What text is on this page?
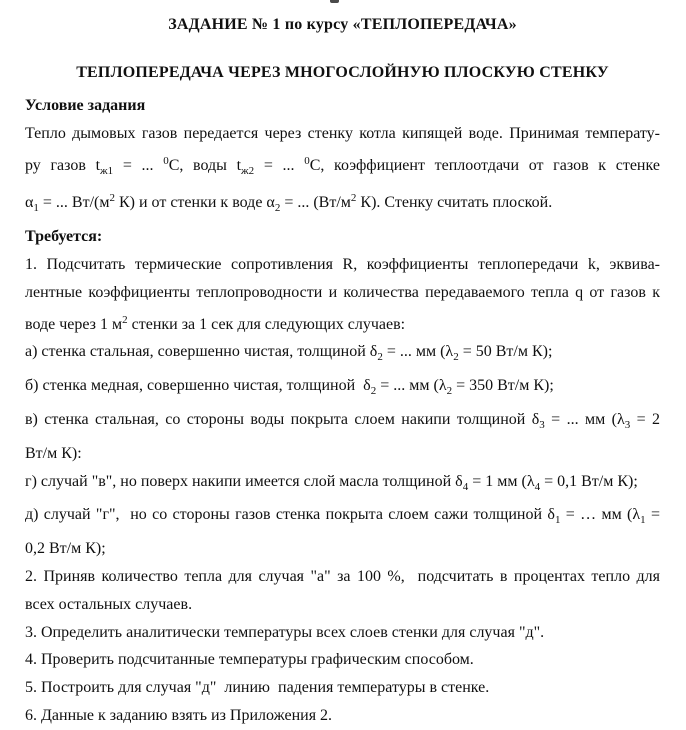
ЗАДАНИЕ № 1 по курсу «ТЕПЛОПЕРЕДАЧА»
ТЕПЛОПЕРЕДАЧА ЧЕРЕЗ МНОГОСЛОЙНУЮ ПЛОСКУЮ СТЕНКУ
Условие задания
Тепло дымовых газов передается через стенку котла кипящей воде. Принимая температу-
ру газов $t_{ж1}$ = ... $^0$С, воды $t_{ж2}$ = ... $^0$С, коэффициент теплоотдачи от газов к стенке
$\alpha_1$ = ... $Вт/(м^2$ К) и от стенки к воде $\alpha_2$ = ... ($Вт/м^2$ К). Стенку считать плоской.
Требуется:
1. Подсчитать термические сопротивления R, коэффициенты теплопередачи k, эквива-
лентные коэффициенты теплопроводности и количества передаваемого тепла q от газов к
воде через 1 $м^2$ стенки за 1 сек для следующих случаев:
а) стенка стальная, совершенно чистая, толщиной $\delta_2$ = ... мм ($\lambda_2 = 50$ Вт/м К);
б) стенка медная, совершенно чистая, толщиной  $\delta_2$ = ... мм ($\lambda_2 = 350$ Вт/м К);
в) стенка стальная, со стороны воды покрыта слоем накипи толщиной $\delta_3$ = ... мм ($\lambda_3 = 2$
Вт/м К):
г) случай "в", но поверх накипи имеется слой масла толщиной $\delta_4 = 1$ мм ($\lambda_4 = 0,1$ Вт/м К);
д) случай "г",  но со стороны газов стенка покрыта слоем сажи толщиной $\delta_1$ = … мм ($\lambda_1$ =
0,2 Вт/м К);
2. Приняв количество тепла для случая "а" за 100 %,  подсчитать в процентах тепло для
всех остальных случаев.
3. Определить аналитически температуры всех слоев стенки для случая "д".
4. Проверить подсчитанные температуры графическим способом.
5. Построить для случая "д"  линию  падения температуры в стенке.
6. Данные к заданию взять из Приложения 2.
